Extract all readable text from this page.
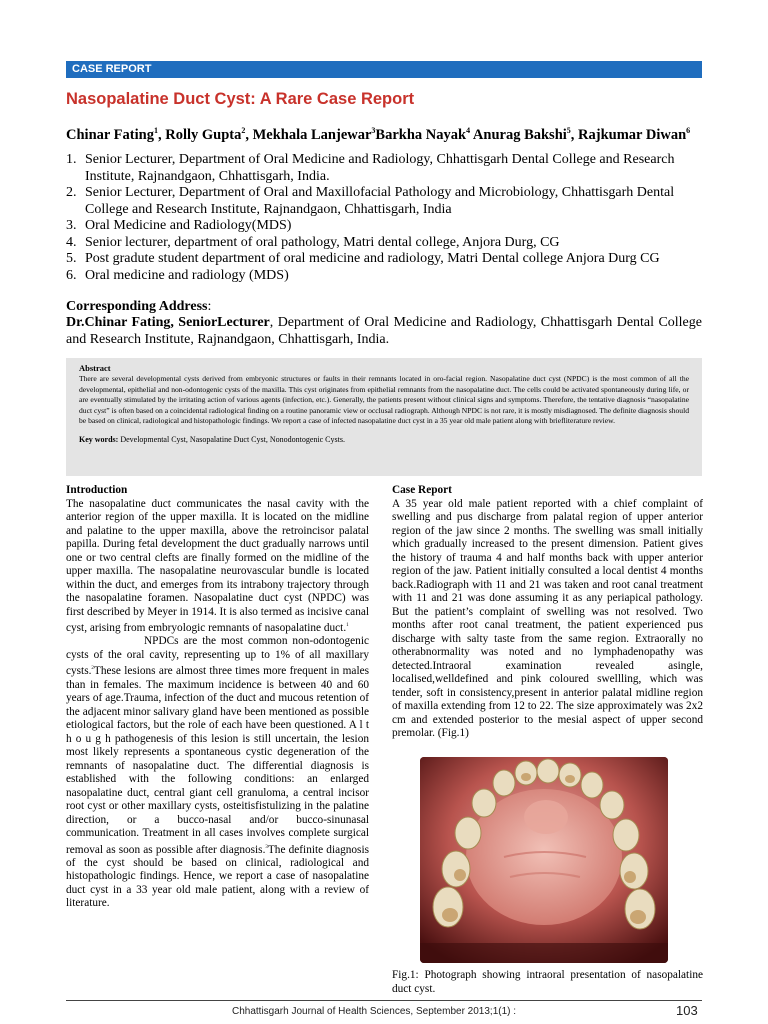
CASE REPORT
Nasopalatine Duct Cyst: A Rare Case Report
Chinar Fating$^1$, Rolly Gupta$^2$, Mekhala Lanjewar$^3$Barkha Nayak$^4$ Anurag Bakshi$^5$, Rajkumar Diwan$^6$
1. Senior Lecturer, Department of Oral Medicine and Radiology, Chhattisgarh Dental College and Research Institute, Rajnandgaon, Chhattisgarh, India.
2. Senior Lecturer, Department of Oral and Maxillofacial Pathology and Microbiology, Chhattisgarh Dental College and Research Institute, Rajnandgaon, Chhattisgarh, India
3. Oral Medicine and Radiology(MDS)
4. Senior lecturer, department of oral pathology, Matri dental college, Anjora Durg, CG
5. Post gradute student department of oral medicine and radiology, Matri Dental college Anjora Durg CG
6. Oral medicine and radiology (MDS)
Corresponding Address:
Dr.Chinar Fating, SeniorLecturer, Department of Oral Medicine and Radiology, Chhattisgarh Dental College and Research Institute, Rajnandgaon, Chhattisgarh, India.
Abstract
There are several developmental cysts derived from embryonic structures or faults in their remnants located in oro-facial region. Nasopalatine duct cyst (NPDC) is the most common of all the developmental, epithelial and non-odontogenic cysts of the maxilla. This cyst originates from epithelial remnants from the nasopalatine duct. The cells could be activated spontaneously during life, or are eventually stimulated by the irritating action of various agents (infection, etc.). Generally, the patients present without clinical signs and symptoms. Therefore, the tentative diagnosis “nasopalatine duct cyst” is often based on a coincidental radiological finding on a routine panoramic view or occlusal radiograph. Although NPDC is not rare, it is mostly misdiagnosed. The definite diagnosis should be based on clinical, radiological and histopathologic findings. We report a case of infected nasopalatine duct cyst in a 35 year old male patient along with briefliterature review.
Key words: Developmental Cyst, Nasopalatine Duct Cyst, Nonodontogenic Cysts.
Introduction

The nasopalatine duct communicates the nasal cavity with the anterior region of the upper maxilla. It is located on the midline and palatine to the upper maxilla, above the retroincisor palatal papilla. During fetal development the duct gradually narrows until one or two central clefts are finally formed on the midline of the upper maxilla. The nasopalatine neurovascular bundle is located within the duct, and emerges from its intrabony trajectory through the nasopalatine foramen. Nasopalatine duct cyst (NPDC) was first described by Meyer in 1914. It is also termed as incisive canal cyst, arising from embryologic remnants of nasopalatine duct.$^1$

NPDCs are the most common non-odontogenic cysts of the oral cavity, representing up to 1% of all maxillary cysts.$^2$These lesions are almost three times more frequent in males than in females. The maximum incidence is between 40 and 60 years of age.Trauma, infection of the duct and mucous retention of the adjacent minor salivary gland have been mentioned as possible etiological factors, but the role of each have been questioned. A l t h o u g h pathogenesis of this lesion is still uncertain, the lesion most likely represents a spontaneous cystic degeneration of the remnants of nasopalatine duct. The differential diagnosis is established with the following conditions: an enlarged nasopalatine duct, central giant cell granuloma, a central incisor root cyst or other maxillary cysts, osteitisfistulizing in the palatine direction, or a bucco-nasal and/or bucco-sinunasal communication. Treatment in all cases involves complete surgical removal as soon as possible after diagnosis.$^3$The definite diagnosis of the cyst should be based on clinical, radiological and histopathologic findings. Hence, we report a case of nasopalatine duct cyst in a 33 year old male patient, along with a review of literature.

Case Report

A 35 year old male patient reported with a chief complaint of swelling and pus discharge from palatal region of upper anterior region of the jaw since 2 months. The swelling was small initially which gradually increased to the present dimension. Patient gives the history of trauma 4 and half months back with upper anterior region of the jaw. Patient initially consulted a local dentist 4 months back.Radiograph with 11 and 21 was taken and root canal treatment with 11 and 21 was done assuming it as any periapical pathology. But the patient’s complaint of swelling was not resolved. Two months after root canal treatment, the patient experienced pus discharge with salty taste from the same region. Extraorally no otherabnormality was noted and no lymphadenopathy was detected.Intraoral examination revealed asingle, localised,welldefined and pink coloured swellling, which was tender, soft in consistency,present in anterior palatal midline region of maxilla extending from 12 to 22. The size approximately was 2x2 cm and extended posterior to the mesial aspect of upper second premolar. (Fig.1)

Fig.1: Photograph showing intraoral presentation of nasopalatine duct cyst.
Chhattisgarh Journal of Health Sciences, September 2013;1(1) :	103
